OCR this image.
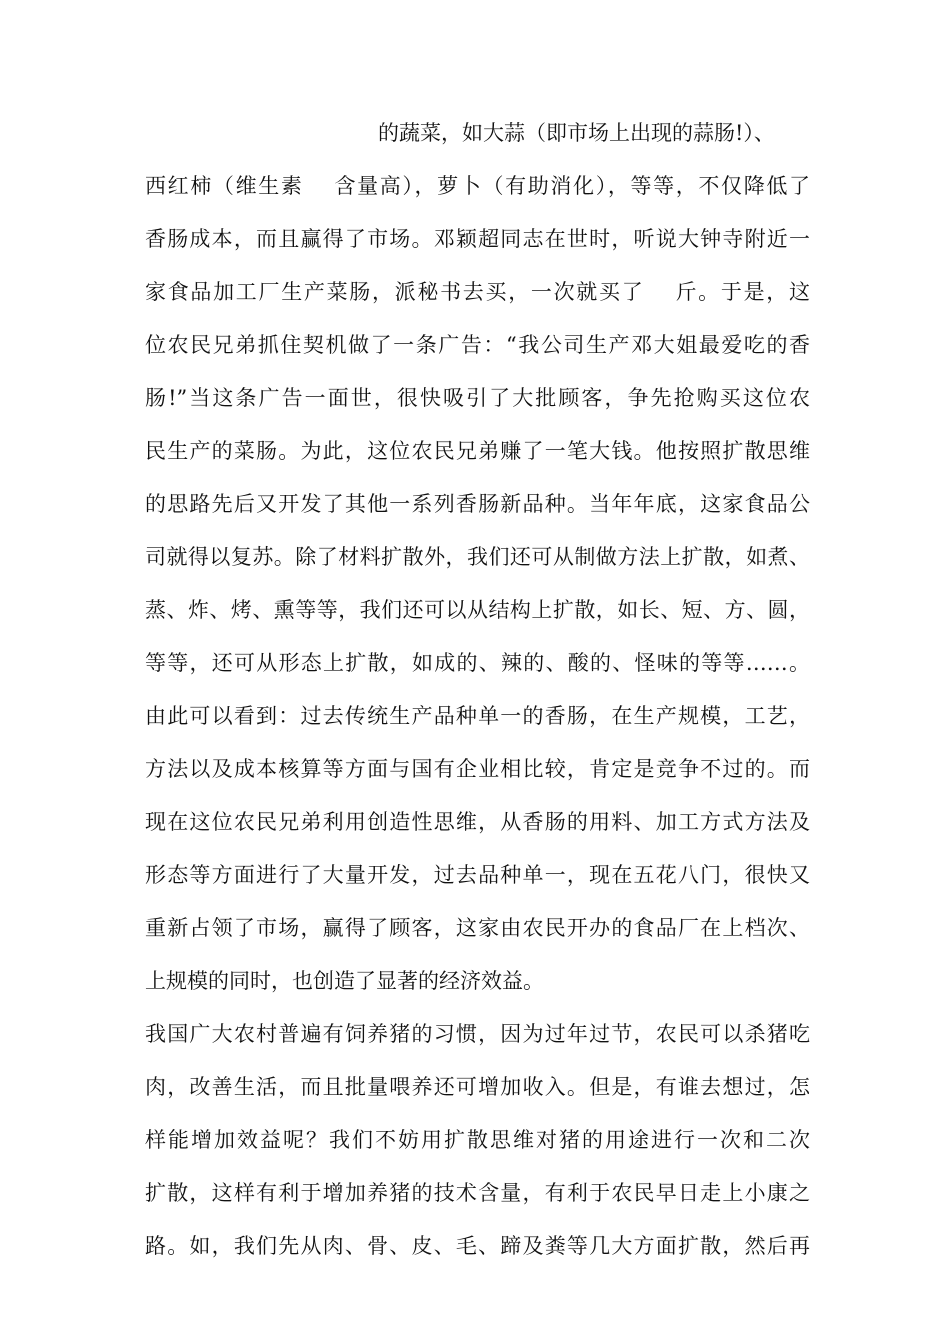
的蔬菜，如大蒜（即市场上出现的蒜肠!）、
西红柿（维生素　 含量高），萝卜（有助消化），等等，不仅降低了
香肠成本，而且赢得了市场。邓颖超同志在世时，听说大钟寺附近一
家食品加工厂生产菜肠，派秘书去买，一次就买了　 斤。于是，这
位农民兄弟抓住契机做了一条广告：“我公司生产邓大姐最爱吃的香
肠!”当这条广告一面世，很快吸引了大批顾客，争先抢购买这位农
民生产的菜肠。为此，这位农民兄弟赚了一笔大钱。他按照扩散思维
的思路先后又开发了其他一系列香肠新品种。当年年底，这家食品公
司就得以复苏。除了材料扩散外，我们还可从制做方法上扩散，如煮、
蒸、炸、烤、熏等等，我们还可以从结构上扩散，如长、短、方、圆，
等等，还可从形态上扩散，如成的、辣的、酸的、怪味的等等……。
由此可以看到：过去传统生产品种单一的香肠，在生产规模，工艺，
方法以及成本核算等方面与国有企业相比较，肯定是竞争不过的。而
现在这位农民兄弟利用创造性思维，从香肠的用料、加工方式方法及
形态等方面进行了大量开发，过去品种单一，现在五花八门，很快又
重新占领了市场，赢得了顾客，这家由农民开办的食品厂在上档次、
上规模的同时，也创造了显著的经济效益。
我国广大农村普遍有饲养猪的习惯，因为过年过节，农民可以杀猪吃
肉，改善生活，而且批量喂养还可增加收入。但是，有谁去想过，怎
样能增加效益呢？我们不妨用扩散思维对猪的用途进行一次和二次
扩散，这样有利于增加养猪的技术含量，有利于农民早日走上小康之
路。如，我们先从肉、骨、皮、毛、蹄及粪等几大方面扩散，然后再
